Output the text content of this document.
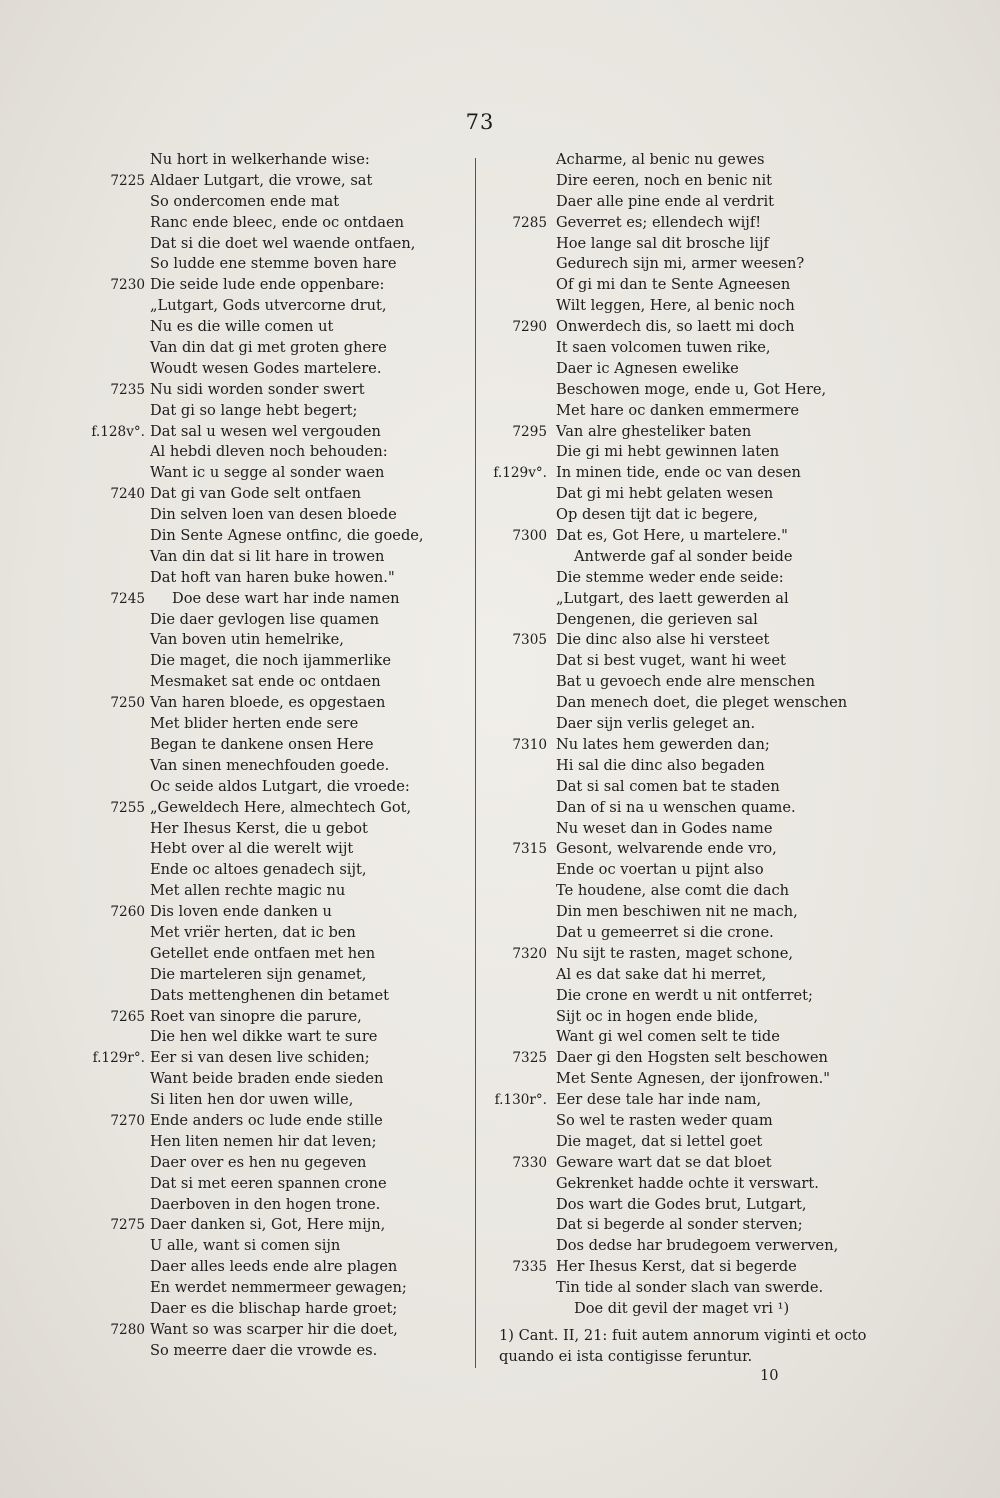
73
Nu hort in welkerhande wise:
7225 Aldaer Lutgart, die vrowe, sat
So ondercomen ende mat
Ranc ende bleec, ende oc ontdaen
Dat si die doet wel waende ontfaen,
So ludde ene stemme boven hare
7230 Die seide lude ende oppenbare:
„Lutgart, Gods utvercorne drut,
Nu es die wille comen ut
Van din dat gi met groten ghere
Woudt wesen Godes martelere.
7235 Nu sidi worden sonder swert
Dat gi so lange hebt begert;
f.128v°. Dat sal u wesen wel vergouden
Al hebdi dleven noch behouden:
Want ic u segge al sonder waen
7240 Dat gi van Gode selt ontfaen
Din selven loen van desen bloede
Din Sente Agnese ontfinc, die goede,
Van din dat si lit hare in trowen
Dat hoft van haren buke howen."
7245 Doe dese wart har inde namen
Die daer gevlogen lise quamen
Van boven utin hemelrike,
Die maget, die noch ijammerlike
Mesmaket sat ende oc ontdaen
7250 Van haren bloede, es opgestaen
Met blider herten ende sere
Began te dankene onsen Here
Van sinen menechfouden goede.
Oc seide aldos Lutgart, die vroede:
7255 „Geweldech Here, almechtech Got,
Her Ihesus Kerst, die u gebot
Hebt over al die werelt wijt
Ende oc altoes genadech sijt,
Met allen rechte magic nu
7260 Dis loven ende danken u
Met vriër herten, dat ic ben
Getellet ende ontfaen met hen
Die marteleren sijn genamet,
Dats mettenghenen din betamet
7265 Roet van sinopre die parure,
Die hen wel dikke wart te sure
f.129r°. Eer si van desen live schiden;
Want beide braden ende sieden
Si liten hen dor uwen wille,
7270 Ende anders oc lude ende stille
Hen liten nemen hir dat leven;
Daer over es hen nu gegeven
Dat si met eeren spannen crone
Daerboven in den hogen trone.
7275 Daer danken si, Got, Here mijn,
U alle, want si comen sijn
Daer alles leeds ende alre plagen
En werdet nemmermeer gewagen;
Daer es die blischap harde groet;
7280 Want so was scarper hir die doet,
So meerre daer die vrowde es.
Acharme, al benic nu gewes
Dire eeren, noch en benic nit
Daer alle pine ende al verdrit
7285 Geverret es; ellendech wijf!
Hoe lange sal dit brosche lijf
Gedurech sijn mi, armer weesen?
Of gi mi dan te Sente Agneesen
Wilt leggen, Here, al benic noch
7290 Onwerdech dis, so laett mi doch
It saen volcomen tuwen rike,
Daer ic Agnesen ewelike
Beschowen moge, ende u, Got Here,
Met hare oc danken emmermere
7295 Van alre ghesteliker baten
Die gi mi hebt gewinnen laten
f.129v°. In minen tide, ende oc van desen
Dat gi mi hebt gelaten wesen
Op desen tijt dat ic begere,
7300 Dat es, Got Here, u martelere."
Antwerde gaf al sonder beide
Die stemme weder ende seide:
„Lutgart, des laett gewerden al
Dengenen, die gerieven sal
7305 Die dinc also alse hi versteet
Dat si best vuget, want hi weet
Bat u gevoech ende alre menschen
Dan menech doet, die pleget wenschen
Daer sijn verlis geleget an.
7310 Nu lates hem gewerden dan;
Hi sal die dinc also begaden
Dat si sal comen bat te staden
Dan of si na u wenschen quame.
Nu weset dan in Godes name
7315 Gesont, welvarende ende vro,
Ende oc voertan u pijnt also
Te houdene, alse comt die dach
Din men beschiwen nit ne mach,
Dat u gemeerret si die crone.
7320 Nu sijt te rasten, maget schone,
Al es dat sake dat hi merret,
Die crone en werdt u nit ontferret;
Sijt oc in hogen ende blide,
Want gi wel comen selt te tide
7325 Daer gi den Hogsten selt beschowen
Met Sente Agnesen, der ijonfrowen."
f.130r°. Eer dese tale har inde nam,
So wel te rasten weder quam
Die maget, dat si lettel goet
7330 Geware wart dat se dat bloet
Gekrenket hadde ochte it verswart.
Dos wart die Godes brut, Lutgart,
Dat si begerde al sonder sterven;
Dos dedse har brudegoem verwerven,
7335 Her Ihesus Kerst, dat si begerde
Tin tide al sonder slach van swerde.
Doe dit gevil der maget vri ¹)
1) Cant. II, 21: fuit autem annorum viginti et octo quando ei ista contigisse feruntur.
10
